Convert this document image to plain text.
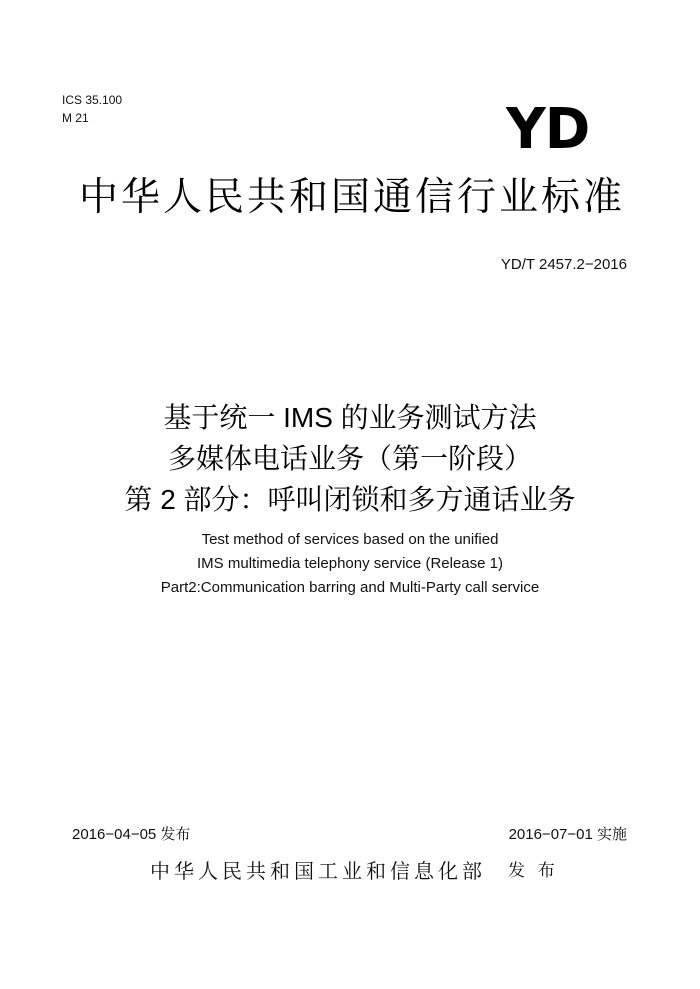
ICS 35.100
M 21	YD
中华人民共和国通信行业标准
YD/T 2457.2−2016
基于统一 IMS 的业务测试方法
多媒体电话业务（第一阶段）
第 2 部分：呼叫闭锁和多方通话业务
Test method of services based on the unified
IMS multimedia telephony service (Release 1)
Part2:Communication barring and Multi-Party call service
2016−04−05 发布	2016−07−01 实施
中华人民共和国工业和信息化部 发 布
